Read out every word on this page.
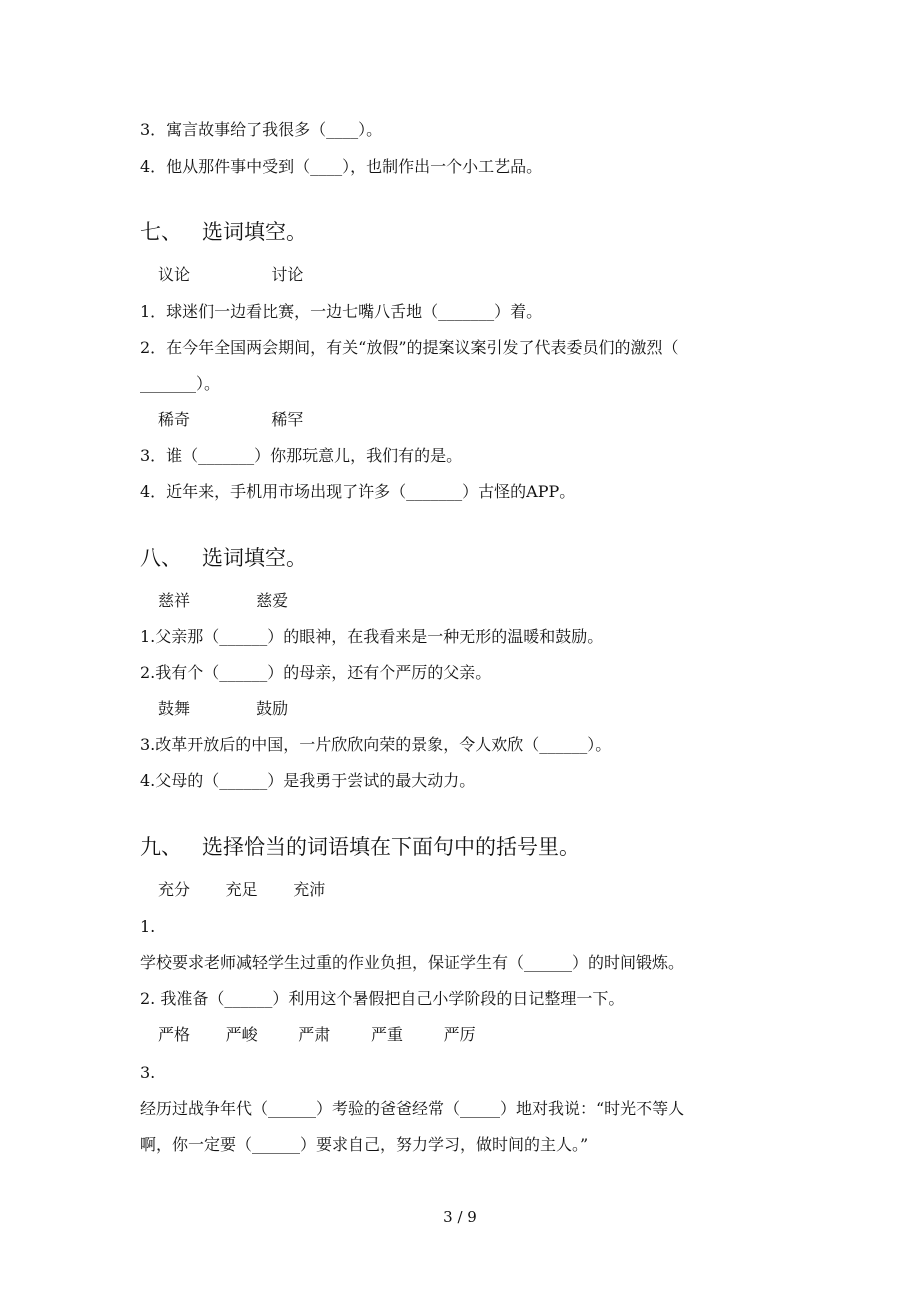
3．寓言故事给了我很多（____）。
4．他从那件事中受到（____），也制作出一个小工艺品。
七、 选词填空。
议论                讨论
1．球迷们一边看比赛，一边七嘴八舌地（_______）着。
2．在今年全国两会期间，有关“放假”的提案议案引发了代表委员们的激烈（
_______）。
稀奇                稀罕
3．谁（_______）你那玩意儿，我们有的是。
4．近年来，手机用市场出现了许多（_______）古怪的APP。
八、 选词填空。
慈祥             慈爱
1.父亲那（______）的眼神，在我看来是一种无形的温暖和鼓励。
2.我有个（______）的母亲，还有个严厉的父亲。
鼓舞             鼓励
3.改革开放后的中国，一片欣欣向荣的景象，令人欢欣（______）。
4.父母的（______）是我勇于尝试的最大动力。
九、 选择恰当的词语填在下面句中的括号里。
充分       充足       充沛
1.
学校要求老师减轻学生过重的作业负担，保证学生有（______）的时间锻炼。
2. 我准备（______）利用这个暑假把自己小学阶段的日记整理一下。
严格       严峻        严肃        严重        严厉
3.
经历过战争年代（______）考验的爸爸经常（_____）地对我说：“时光不等人
啊，你一定要（______）要求自己，努力学习，做时间的主人。”
3 / 9
